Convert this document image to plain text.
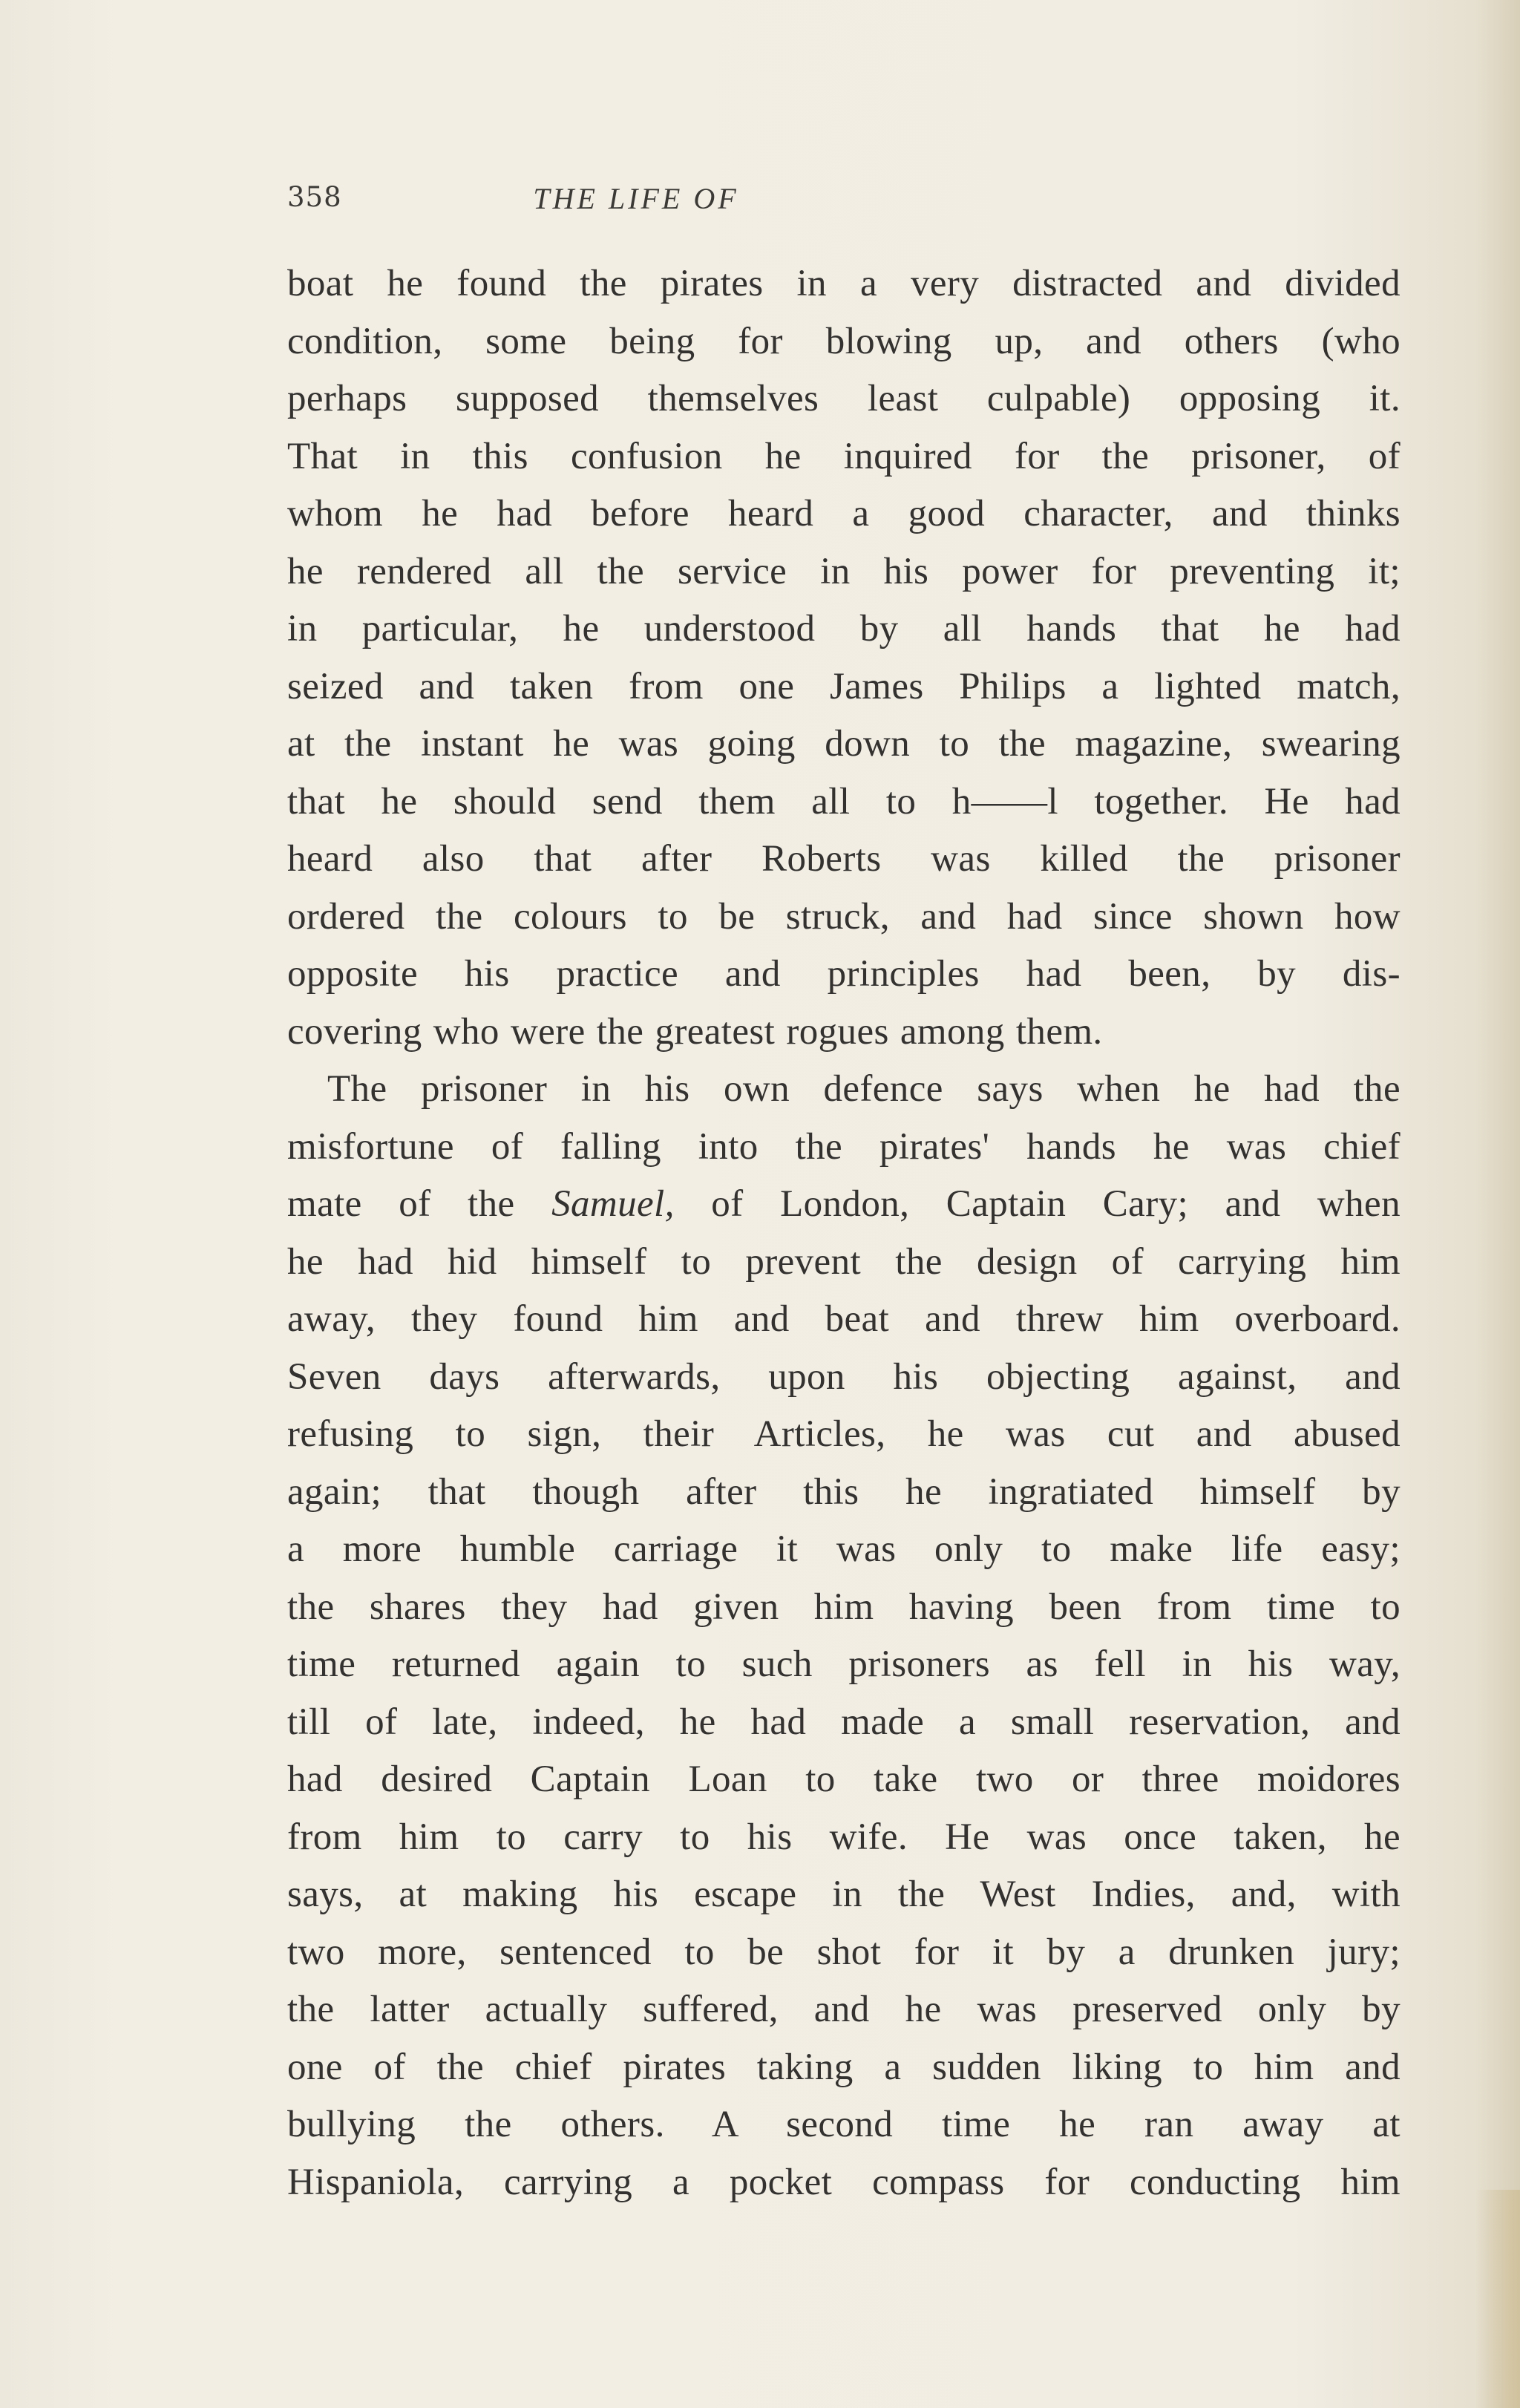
358	THE LIFE OF
boat he found the pirates in a very distracted and divided
condition, some being for blowing up, and others (who
perhaps supposed themselves least culpable) opposing it.
That in this confusion he inquired for the prisoner, of
whom he had before heard a good character, and thinks
he rendered all the service in his power for preventing it;
in particular, he understood by all hands that he had
seized and taken from one James Philips a lighted match,
at the instant he was going down to the magazine, swearing
that he should send them all to h——l together. He had
heard also that after Roberts was killed the prisoner
ordered the colours to be struck, and had since shown how
opposite his practice and principles had been, by dis-
covering who were the greatest rogues among them.
The prisoner in his own defence says when he had the
misfortune of falling into the pirates' hands he was chief
mate of the Samuel, of London, Captain Cary; and when
he had hid himself to prevent the design of carrying him
away, they found him and beat and threw him overboard.
Seven days afterwards, upon his objecting against, and
refusing to sign, their Articles, he was cut and abused
again; that though after this he ingratiated himself by
a more humble carriage it was only to make life easy;
the shares they had given him having been from time to
time returned again to such prisoners as fell in his way,
till of late, indeed, he had made a small reservation, and
had desired Captain Loan to take two or three moidores
from him to carry to his wife. He was once taken, he
says, at making his escape in the West Indies, and, with
two more, sentenced to be shot for it by a drunken jury;
the latter actually suffered, and he was preserved only by
one of the chief pirates taking a sudden liking to him and
bullying the others. A second time he ran away at
Hispaniola, carrying a pocket compass for conducting him
